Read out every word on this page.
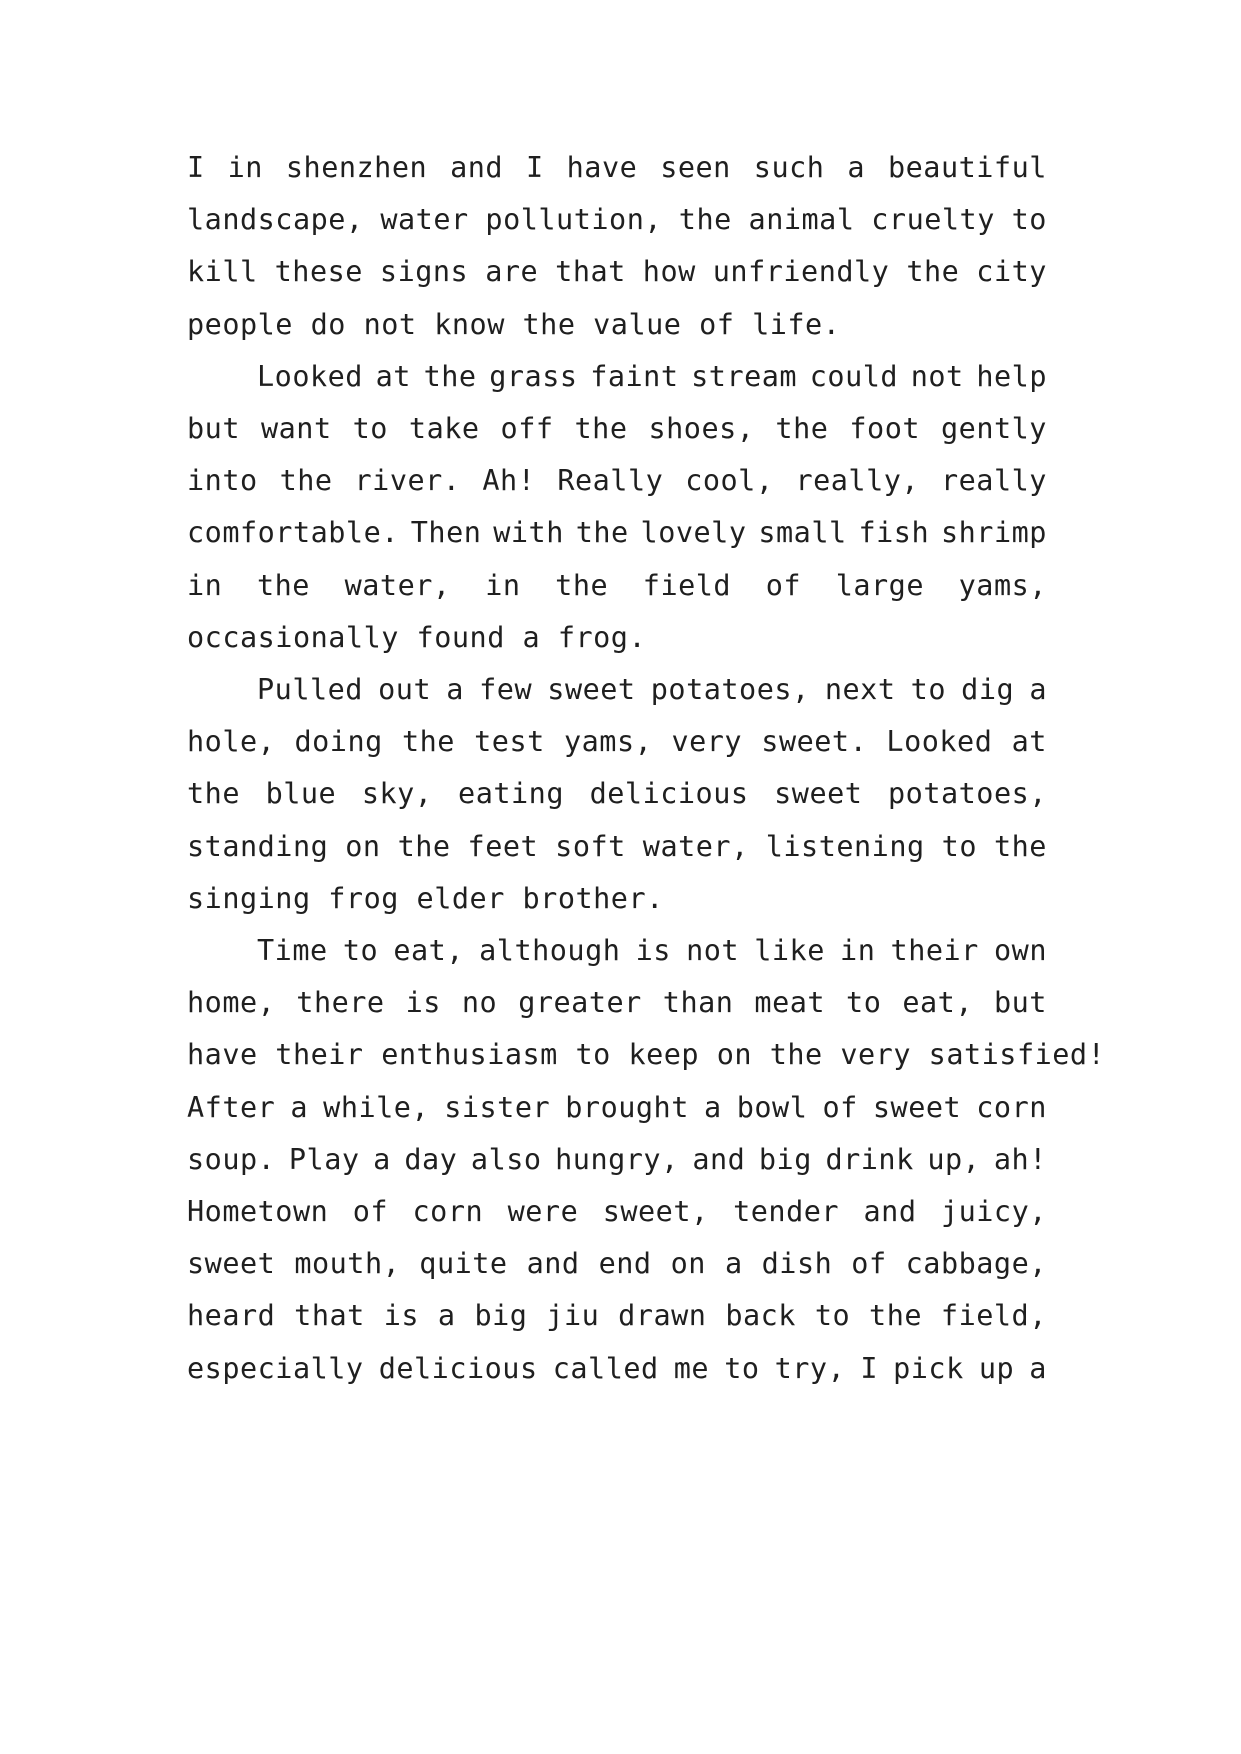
I in shenzhen and I have seen such a beautiful
landscape, water pollution, the animal cruelty to
kill these signs are that how unfriendly the city
people do not know the value of life.
Looked at the grass faint stream could not help
but want to take off the shoes, the foot gently
into the river. Ah! Really cool, really, really
comfortable. Then with the lovely small fish shrimp
in the water, in the field of large yams,
occasionally found a frog.
Pulled out a few sweet potatoes, next to dig a
hole, doing the test yams, very sweet. Looked at
the blue sky, eating delicious sweet potatoes,
standing on the feet soft water, listening to the
singing frog elder brother.
Time to eat, although is not like in their own
home, there is no greater than meat to eat, but
have their enthusiasm to keep on the very satisfied!
After a while, sister brought a bowl of sweet corn
soup. Play a day also hungry, and big drink up, ah!
Hometown of corn were sweet, tender and juicy,
sweet mouth, quite and end on a dish of cabbage,
heard that is a big jiu drawn back to the field,
especially delicious called me to try, I pick up a
